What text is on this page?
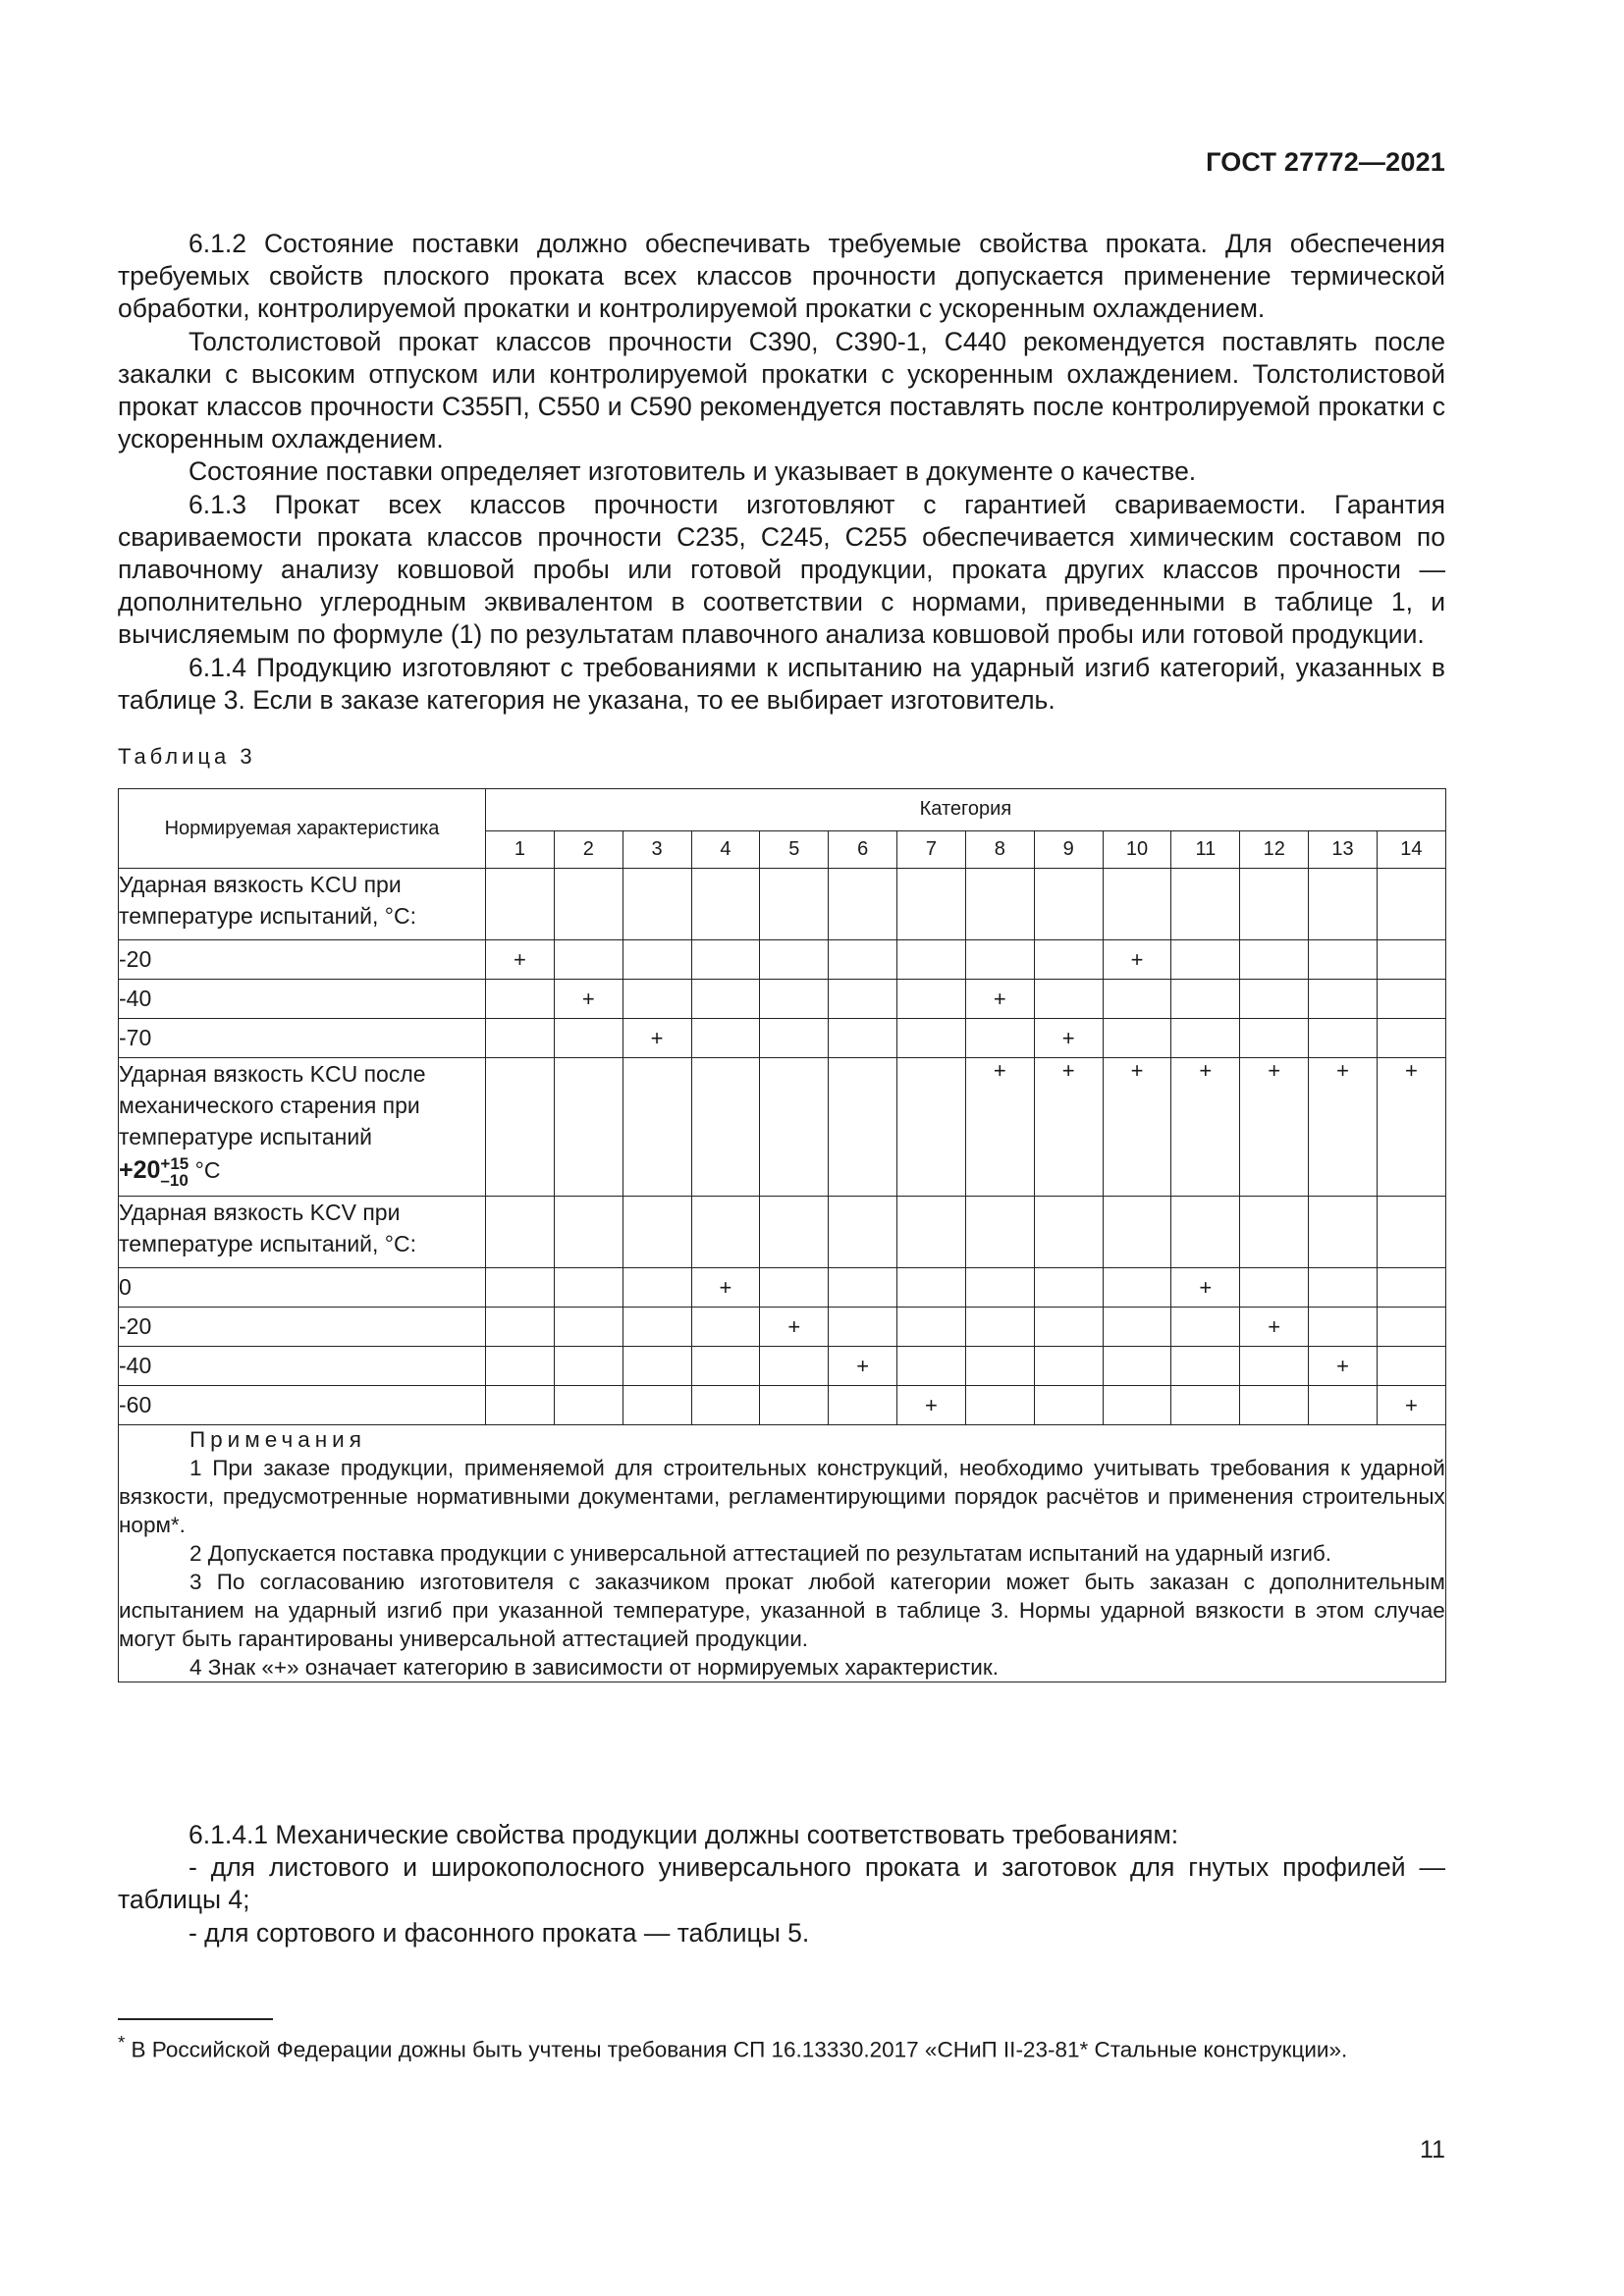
ГОСТ 27772—2021

6.1.2 Состояние поставки должно обеспечивать требуемые свойства проката. Для обеспечения требуемых свойств плоского проката всех классов прочности допускается применение термической обработки, контролируемой прокатки и контролируемой прокатки с ускоренным охлаждением.

Толстолистовой прокат классов прочности С390, С390-1, С440 рекомендуется поставлять после закалки с высоким отпуском или контролируемой прокатки с ускоренным охлаждением. Толстолистовой прокат классов прочности С355П, С550 и С590 рекомендуется поставлять после контролируемой прокатки с ускоренным охлаждением.

Состояние поставки определяет изготовитель и указывает в документе о качестве.

6.1.3 Прокат всех классов прочности изготовляют с гарантией свариваемости. Гарантия свариваемости проката классов прочности С235, С245, С255 обеспечивается химическим составом по плавочному анализу ковшовой пробы или готовой продукции, проката других классов прочности — дополнительно углеродным эквивалентом в соответствии с нормами, приведенными в таблице 1, и вычисляемым по формуле (1) по результатам плавочного анализа ковшовой пробы или готовой продукции.

6.1.4 Продукцию изготовляют с требованиями к испытанию на ударный изгиб категорий, указанных в таблице 3. Если в заказе категория не указана, то ее выбирает изготовитель.

Таблица 3
Нормируемая характеристика	Категория													
	1	2	3	4	5	6	7	8	9	10	11	12	13	14
Ударная вязкость KCU при температуре испытаний, °C:														
-20	+									+				
-40		+						+						
-70			+						+					

Ударная вязкость KCU после механического старения при температуре испытаний
+20 +15
–10 °C								+	+	+	+	+	+	+
Ударная вязкость KCV при температуре испытаний, °C:														
0				+							+			
-20					+							+		
-40						+							+	
-60							+							+

Примечания

1 При заказе продукции, применяемой для строительных конструкций, необходимо учитывать требования к ударной вязкости, предусмотренные нормативными документами, регламентирующими порядок расчётов и применения строительных норм*.

2 Допускается поставка продукции с универсальной аттестацией по результатам испытаний на ударный изгиб.

3 По согласованию изготовителя с заказчиком прокат любой категории может быть заказан с дополнительным испытанием на ударный изгиб при указанной температуре, указанной в таблице 3. Нормы ударной вязкости в этом случае могут быть гарантированы универсальной аттестацией продукции.

4 Знак «+» означает категорию в зависимости от нормируемых характеристик.														

6.1.4.1 Механические свойства продукции должны соответствовать требованиям:

- для листового и широкополосного универсального проката и заготовок для гнутых профилей — таблицы 4;

- для сортового и фасонного проката — таблицы 5.

* В Российской Федерации дожны быть учтены требования СП 16.13330.2017 «СНиП II-23-81* Стальные конструкции».
11
